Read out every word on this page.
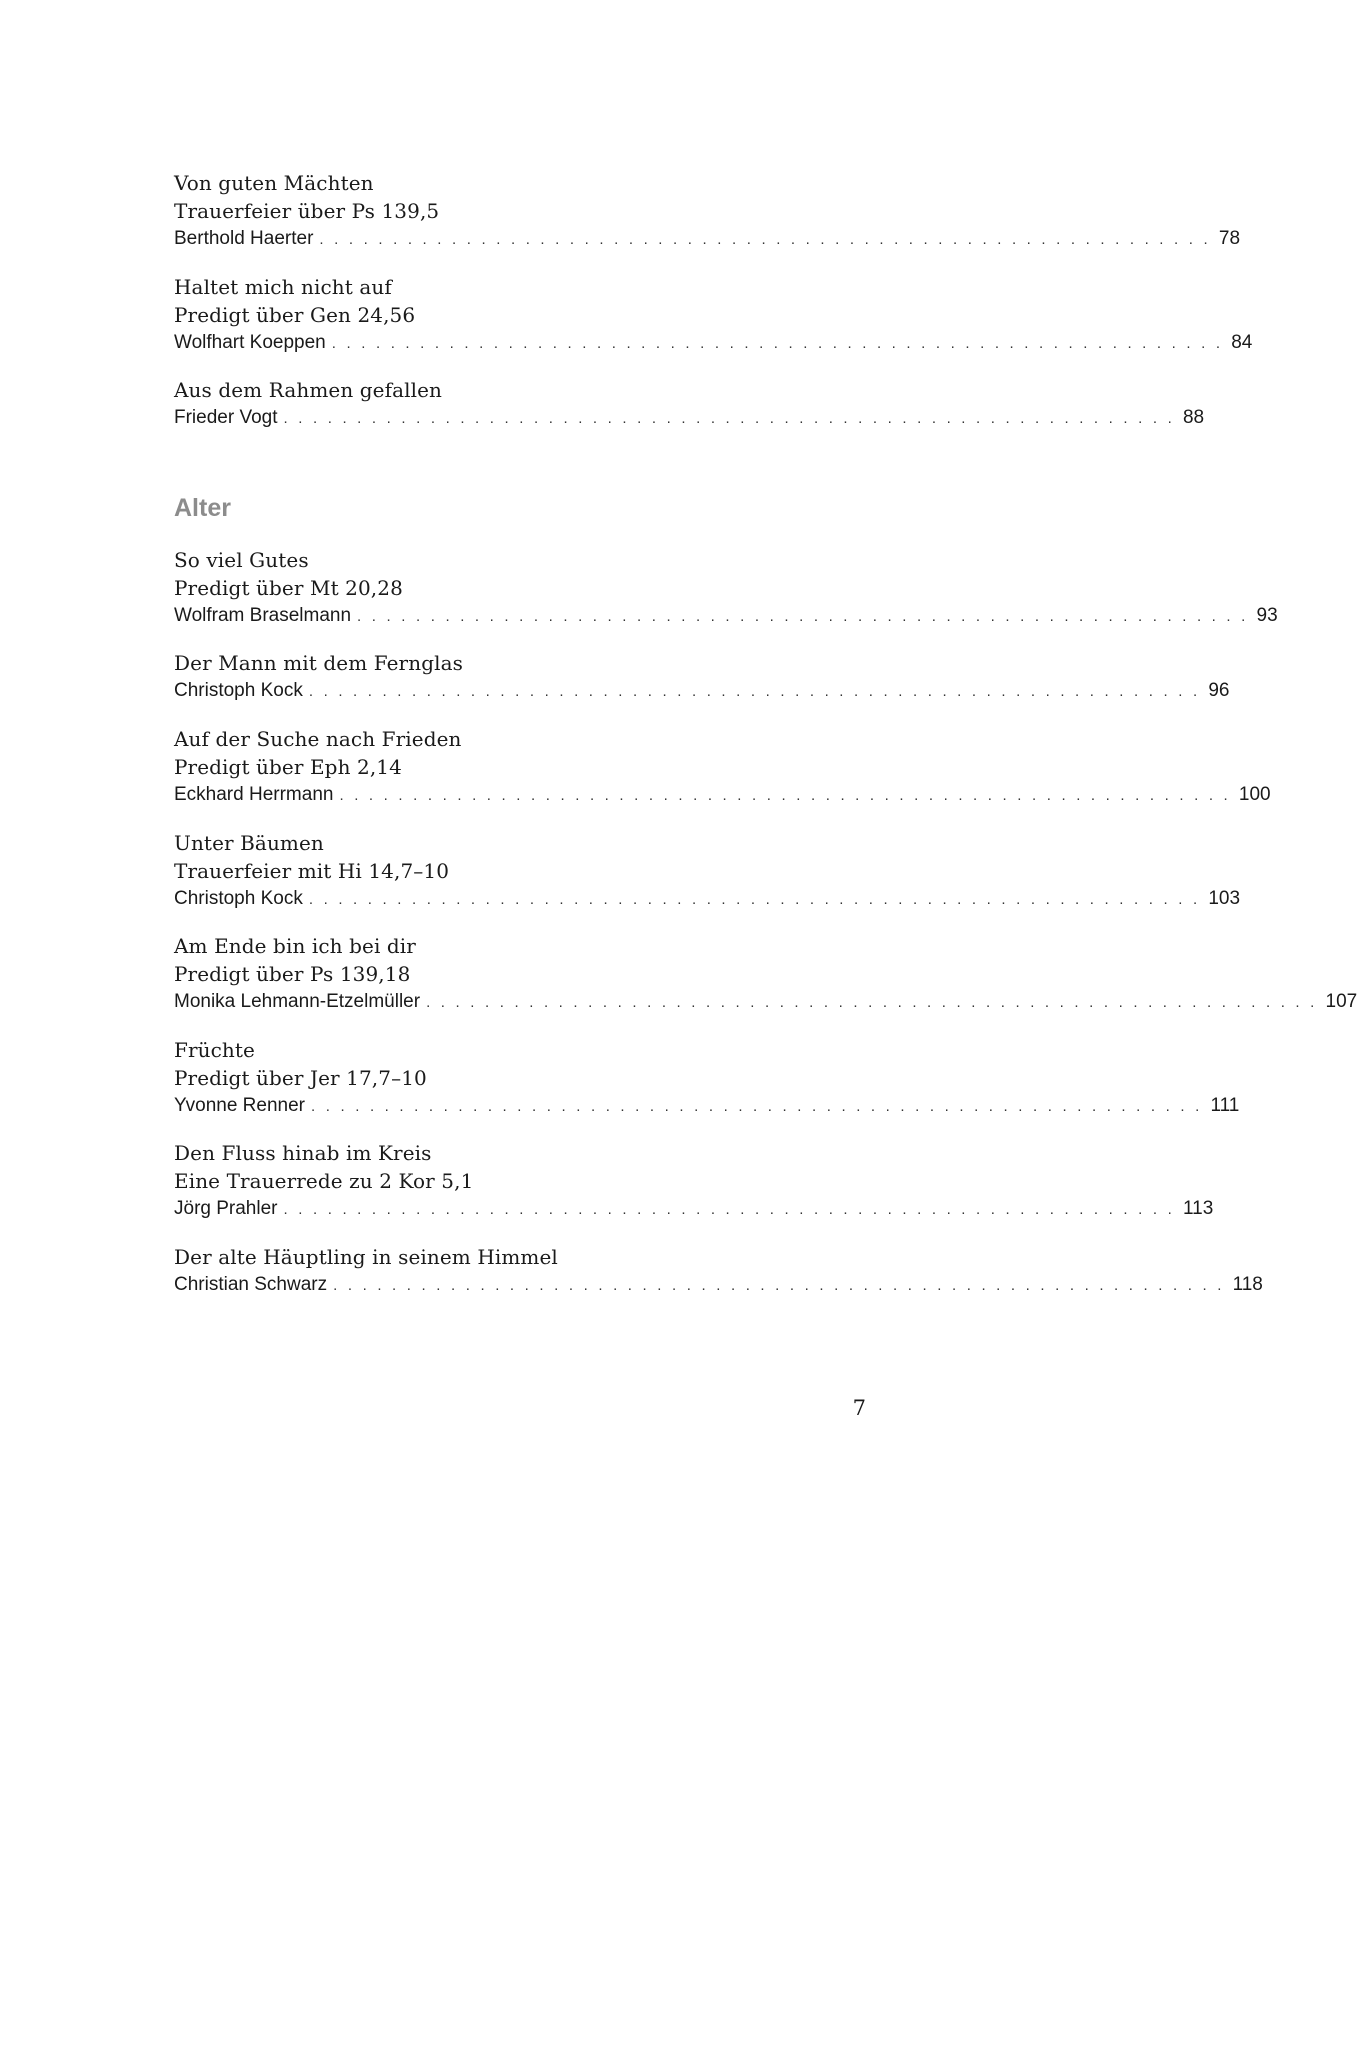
Von guten Mächten
Trauerfeier über Ps 139,5
Berthold Haerter . . . . . . . . . . . . . . . . . . . . . . . . . . . . . . . . . . . . . . . . . . . . . . . . . . . . . . . . . . . . . 78
Haltet mich nicht auf
Predigt über Gen 24,56
Wolfhart Koeppen . . . . . . . . . . . . . . . . . . . . . . . . . . . . . . . . . . . . . . . . . . . . . . . . . . . . . . . . . . . . . 84
Aus dem Rahmen gefallen
Frieder Vogt . . . . . . . . . . . . . . . . . . . . . . . . . . . . . . . . . . . . . . . . . . . . . . . . . . . . . . . . . . . . . 88
Alter
So viel Gutes
Predigt über Mt 20,28
Wolfram Braselmann . . . . . . . . . . . . . . . . . . . . . . . . . . . . . . . . . . . . . . . . . . . . . . . . . . . . . . . . . . . . . 93
Der Mann mit dem Fernglas
Christoph Kock . . . . . . . . . . . . . . . . . . . . . . . . . . . . . . . . . . . . . . . . . . . . . . . . . . . . . . . . . . . . . 96
Auf der Suche nach Frieden
Predigt über Eph 2,14
Eckhard Herrmann . . . . . . . . . . . . . . . . . . . . . . . . . . . . . . . . . . . . . . . . . . . . . . . . . . . . . . . . . . . . . 100
Unter Bäumen
Trauerfeier mit Hi 14,7–10
Christoph Kock . . . . . . . . . . . . . . . . . . . . . . . . . . . . . . . . . . . . . . . . . . . . . . . . . . . . . . . . . . . . . 103
Am Ende bin ich bei dir
Predigt über Ps 139,18
Monika Lehmann-Etzelmüller . . . . . . . . . . . . . . . . . . . . . . . . . . . . . . . . . . . . . . . . . . . . . . . . . . . . . . . . . . . . . 107
Früchte
Predigt über Jer 17,7–10
Yvonne Renner . . . . . . . . . . . . . . . . . . . . . . . . . . . . . . . . . . . . . . . . . . . . . . . . . . . . . . . . . . . . . 111
Den Fluss hinab im Kreis
Eine Trauerrede zu 2 Kor 5,1
Jörg Prahler . . . . . . . . . . . . . . . . . . . . . . . . . . . . . . . . . . . . . . . . . . . . . . . . . . . . . . . . . . . . . 113
Der alte Häuptling in seinem Himmel
Christian Schwarz . . . . . . . . . . . . . . . . . . . . . . . . . . . . . . . . . . . . . . . . . . . . . . . . . . . . . . . . . . . . . 118
7
